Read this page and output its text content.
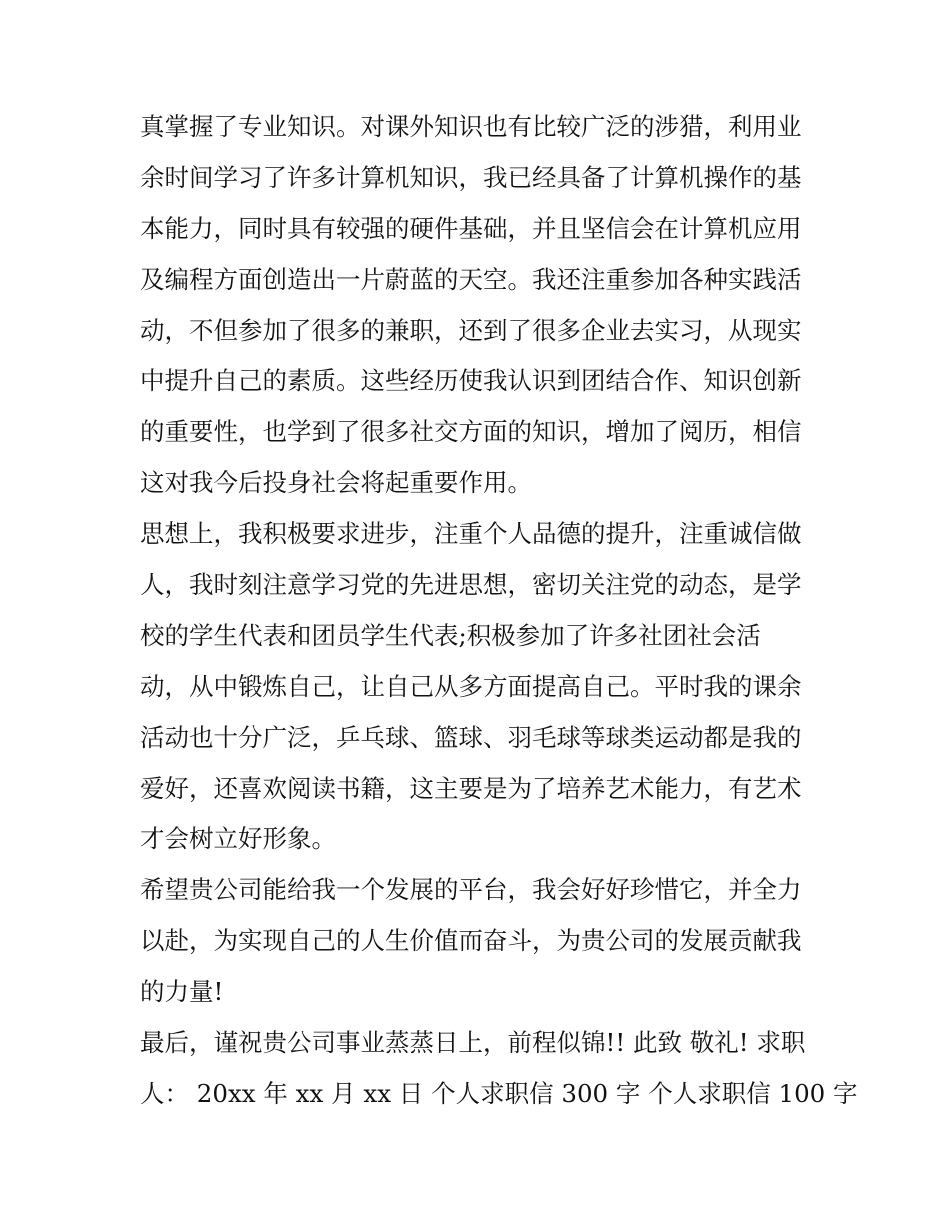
真掌握了专业知识。对课外知识也有比较广泛的涉猎，利用业
余时间学习了许多计算机知识，我已经具备了计算机操作的基
本能力，同时具有较强的硬件基础，并且坚信会在计算机应用
及编程方面创造出一片蔚蓝的天空。我还注重参加各种实践活
动，不但参加了很多的兼职，还到了很多企业去实习，从现实
中提升自己的素质。这些经历使我认识到团结合作、知识创新
的重要性，也学到了很多社交方面的知识，增加了阅历，相信
这对我今后投身社会将起重要作用。
思想上，我积极要求进步，注重个人品德的提升，注重诚信做
人，我时刻注意学习党的先进思想，密切关注党的动态，是学
校的学生代表和团员学生代表;积极参加了许多社团社会活
动，从中锻炼自己，让自己从多方面提高自己。平时我的课余
活动也十分广泛，乒乓球、篮球、羽毛球等球类运动都是我的
爱好，还喜欢阅读书籍，这主要是为了培养艺术能力，有艺术
才会树立好形象。
希望贵公司能给我一个发展的平台，我会好好珍惜它，并全力
以赴，为实现自己的人生价值而奋斗，为贵公司的发展贡献我
的力量!
最后，谨祝贵公司事业蒸蒸日上，前程似锦!! 此致 敬礼! 求职
人： 20xx 年 xx 月 xx 日 个人求职信 300 字 个人求职信 100 字
